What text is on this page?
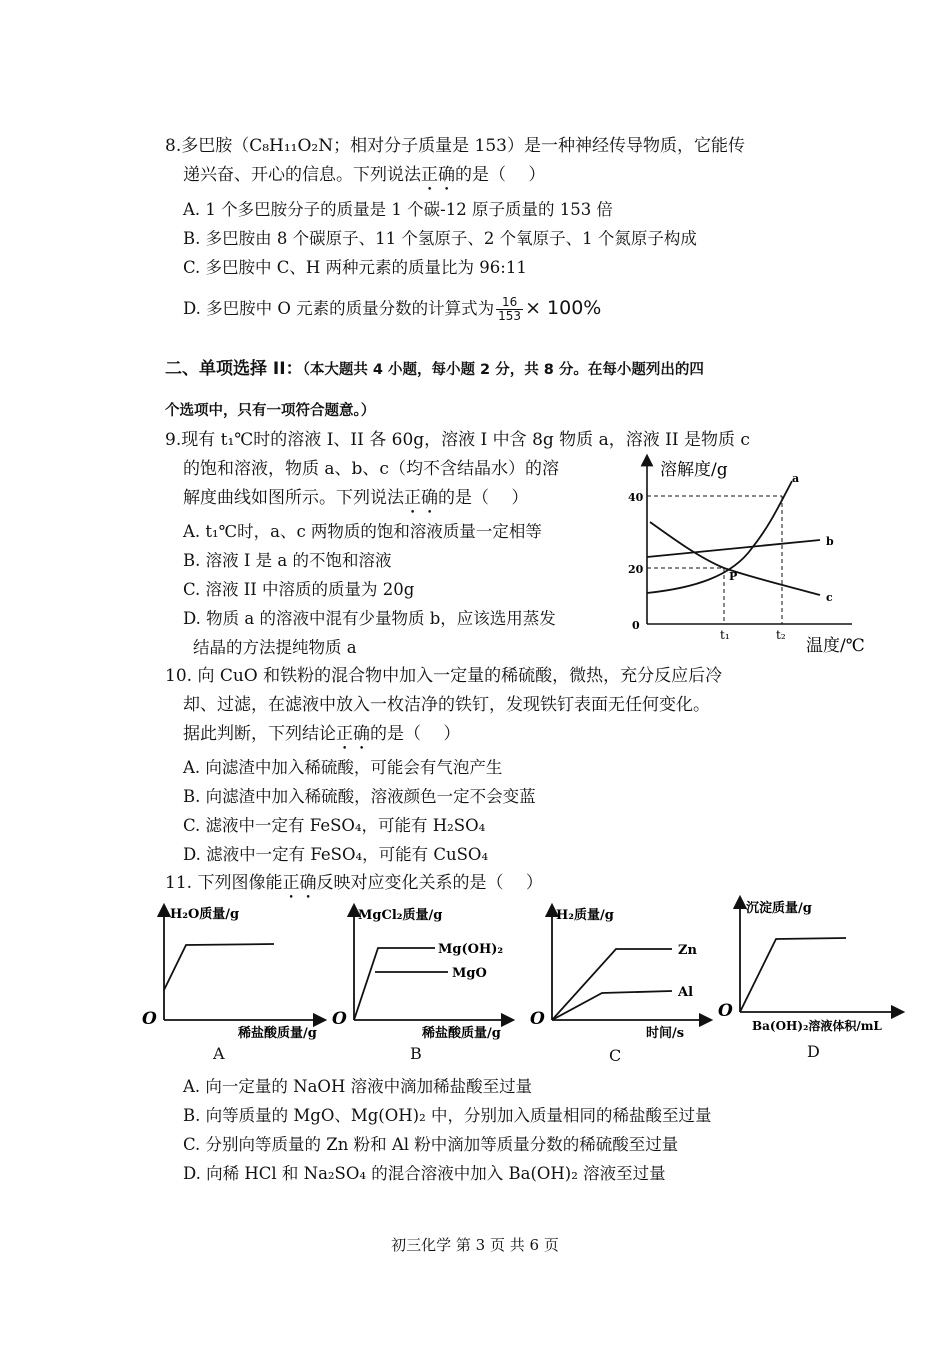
8.多巴胺（C₈H₁₁O₂N；相对分子质量是 153）是一种神经传导物质，它能传
递兴奋、开心的信息。下列说法正确的是（　 ）
A. 1 个多巴胺分子的质量是 1 个碳-12 原子质量的 153 倍
B. 多巴胺由 8 个碳原子、11 个氢原子、2 个氧原子、1 个氮原子构成
C. 多巴胺中 C、H 两种元素的质量比为 96:11
D. 多巴胺中 O 元素的质量分数的计算式为 $\frac{16}{153} \times 100\%$
二、单项选择 II：（本大题共 4 小题，每小题 2 分，共 8 分。在每小题列出的四
个选项中，只有一项符合题意。）
9.现有 t₁℃时的溶液 I、II 各 60g，溶液 I 中含 8g 物质 a，溶液 II 是物质 c
的饱和溶液，物质 a、b、c（均不含结晶水）的溶
解度曲线如图所示。下列说法正确的是（　 ）
A. t₁℃时，a、c 两物质的饱和溶液质量一定相等
B. 溶液 I 是 a 的不饱和溶液
C. 溶液 II 中溶质的质量为 20g
D. 物质 a 的溶液中混有少量物质 b，应该选用蒸发
结晶的方法提纯物质 a
溶解度/g
40
20
0
t₁	t₂
P
a
b
c
温度/℃
10. 向 CuO 和铁粉的混合物中加入一定量的稀硫酸，微热，充分反应后冷
却、过滤，在滤液中放入一枚洁净的铁钉，发现铁钉表面无任何变化。
据此判断，下列结论正确的是（　 ）
A. 向滤渣中加入稀硫酸，可能会有气泡产生
B. 向滤渣中加入稀硫酸，溶液颜色一定不会变蓝
C. 滤液中一定有 FeSO₄，可能有 H₂SO₄
D. 滤液中一定有 FeSO₄，可能有 CuSO₄
11. 下列图像能正确反映对应变化关系的是（　 ）
H₂O质量/g
O
稀盐酸质量/g
A
MgCl₂质量/g
Mg(OH)₂
MgO
O
稀盐酸质量/g
B
H₂质量/g
Zn
Al
O
时间/s
C
沉淀质量/g
O
Ba(OH)₂溶液体积/mL
D
A. 向一定量的 NaOH 溶液中滴加稀盐酸至过量
B. 向等质量的 MgO、Mg(OH)₂ 中，分别加入质量相同的稀盐酸至过量
C. 分别向等质量的 Zn 粉和 Al 粉中滴加等质量分数的稀硫酸至过量
D. 向稀 HCl 和 Na₂SO₄ 的混合溶液中加入 Ba(OH)₂ 溶液至过量
初三化学 第 3 页 共 6 页
